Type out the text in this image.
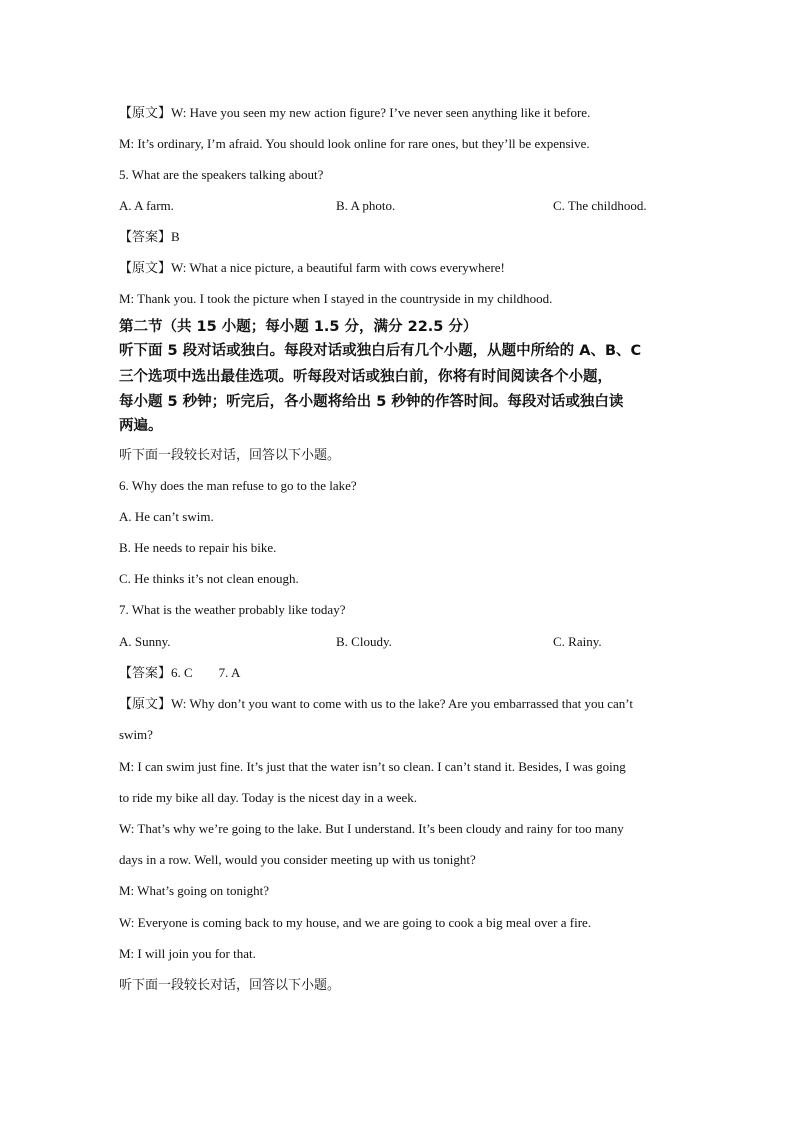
【原文】W: Have you seen my new action figure? I’ve never seen anything like it before.
M: It’s ordinary, I’m afraid. You should look online for rare ones, but they’ll be expensive.
5. What are the speakers talking about?
A. A farm.	B. A photo.	C. The childhood.
【答案】B
【原文】W: What a nice picture, a beautiful farm with cows everywhere!
M: Thank you. I took the picture when I stayed in the countryside in my childhood.
第二节（共 15 小题；每小题 1.5 分，满分 22.5 分）
听下面 5 段对话或独白。每段对话或独白后有几个小题，从题中所给的 A、B、C
三个选项中选出最佳选项。听每段对话或独白前，你将有时间阅读各个小题，
每小题 5 秒钟；听完后，各小题将给出 5 秒钟的作答时间。每段对话或独白读
两遍。
听下面一段较长对话，回答以下小题。
6. Why does the man refuse to go to the lake?
A. He can’t swim.
B. He needs to repair his bike.
C. He thinks it’s not clean enough.
7. What is the weather probably like today?
A. Sunny.	B. Cloudy.	C. Rainy.
【答案】6. C 7. A
【原文】W: Why don’t you want to come with us to the lake? Are you embarrassed that you can’t
swim?
M: I can swim just fine. It’s just that the water isn’t so clean. I can’t stand it. Besides, I was going
to ride my bike all day. Today is the nicest day in a week.
W: That’s why we’re going to the lake. But I understand. It’s been cloudy and rainy for too many
days in a row. Well, would you consider meeting up with us tonight?
M: What’s going on tonight?
W: Everyone is coming back to my house, and we are going to cook a big meal over a fire.
M: I will join you for that.
听下面一段较长对话，回答以下小题。
